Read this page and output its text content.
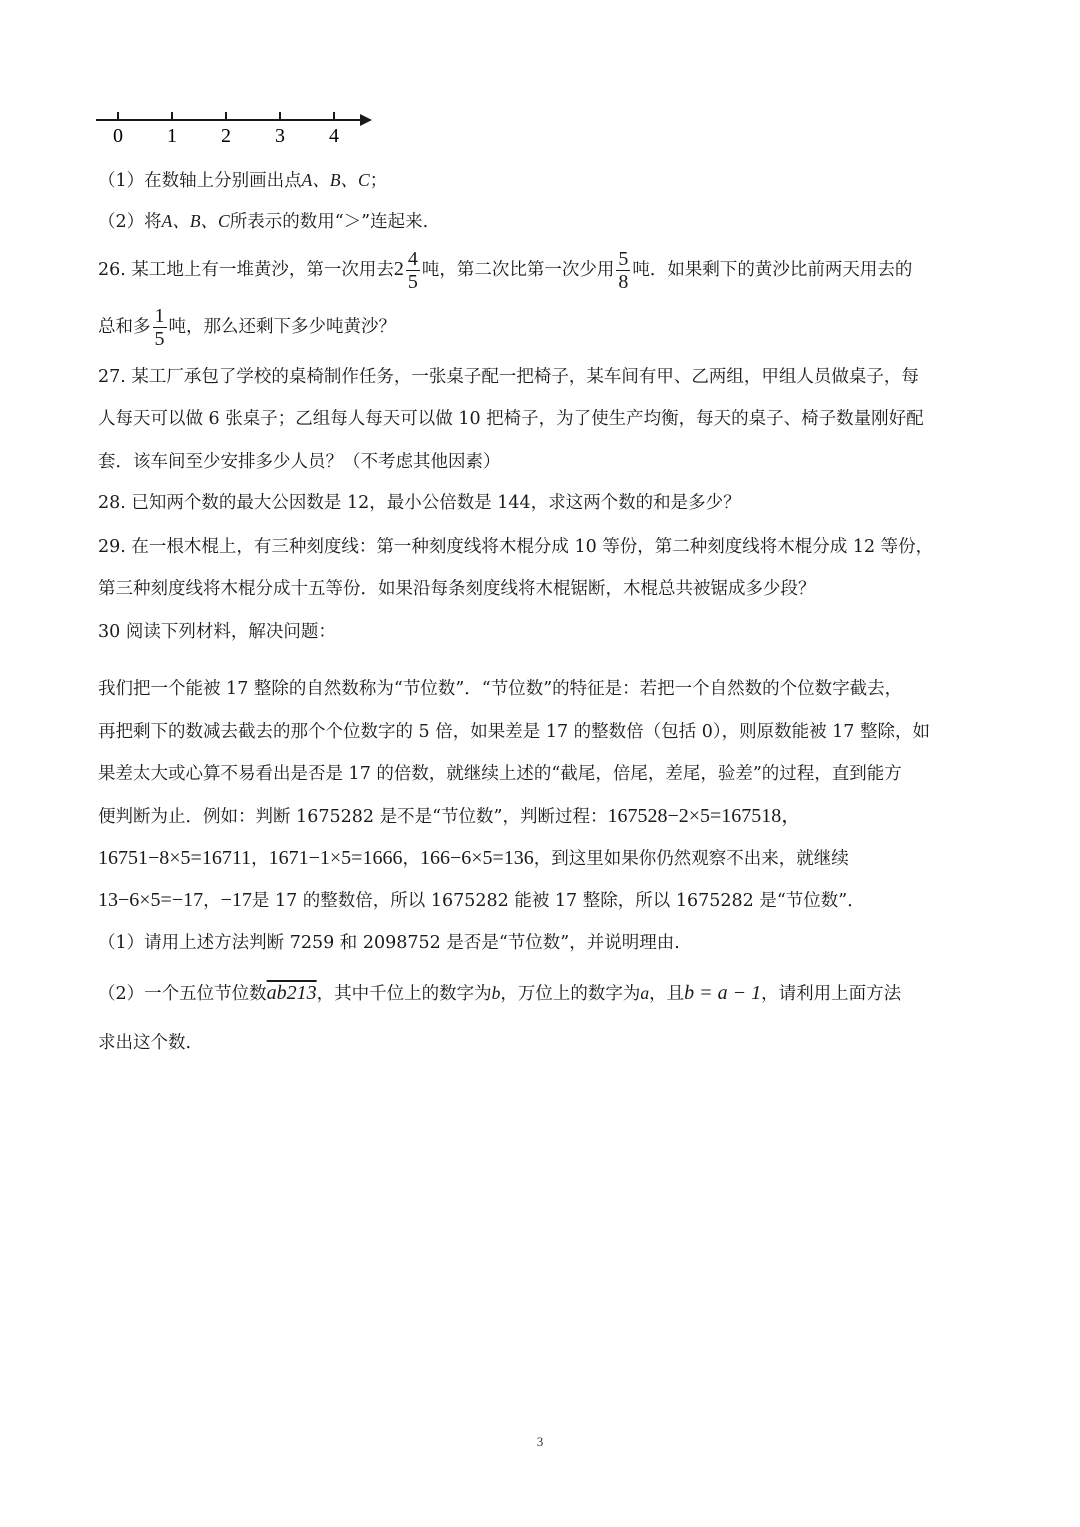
0 1 2 3 4
（1）在数轴上分别画出点A、B、C；
（2）将A、B、C所表示的数用“＞”连起来.
26. 某工地上有一堆黄沙，第一次用去$2 \frac{4}{5}$ 吨，第二次比第一次少用 $\frac{5}{8}$ 吨．如果剩下的黄沙比前两天用去的
总和多 $\frac{1}{5}$ 吨，那么还剩下多少吨黄沙？
27. 某工厂承包了学校的桌椅制作任务，一张桌子配一把椅子，某车间有甲、乙两组，甲组人员做桌子，每
人每天可以做 6 张桌子；乙组每人每天可以做 10 把椅子，为了使生产均衡，每天的桌子、椅子数量刚好配
套．该车间至少安排多少人员？（不考虑其他因素）
28. 已知两个数的最大公因数是 12，最小公倍数是 144，求这两个数的和是多少？
29. 在一根木棍上，有三种刻度线：第一种刻度线将木棍分成 10 等份，第二种刻度线将木棍分成 12 等份，
第三种刻度线将木棍分成十五等份．如果沿每条刻度线将木棍锯断，木棍总共被锯成多少段？
30 阅读下列材料，解决问题：
我们把一个能被 17 整除的自然数称为“节位数”．“节位数”的特征是：若把一个自然数的个位数字截去，
再把剩下的数减去截去的那个个位数字的 5 倍，如果差是 17 的整数倍（包括 0），则原数能被 17 整除，如
果差太大或心算不易看出是否是 17 的倍数，就继续上述的“截尾，倍尾，差尾，验差”的过程，直到能方
便判断为止．例如：判断 1675282 是不是“节位数”，判断过程：167528−2×5=167518，
16751−8×5=16711，1671−1×5=1666，166−6×5=136，到这里如果你仍然观察不出来，就继续
13−6×5=−17，−17是 17 的整数倍，所以 1675282 能被 17 整除，所以 1675282 是“节位数”．
（1）请用上述方法判断 7259 和 2098752 是否是“节位数”，并说明理由.
（2）一个五位节位数ab213，其中千位上的数字为b，万位上的数字为a，且b = a − 1，请利用上面方法
求出这个数.
3
